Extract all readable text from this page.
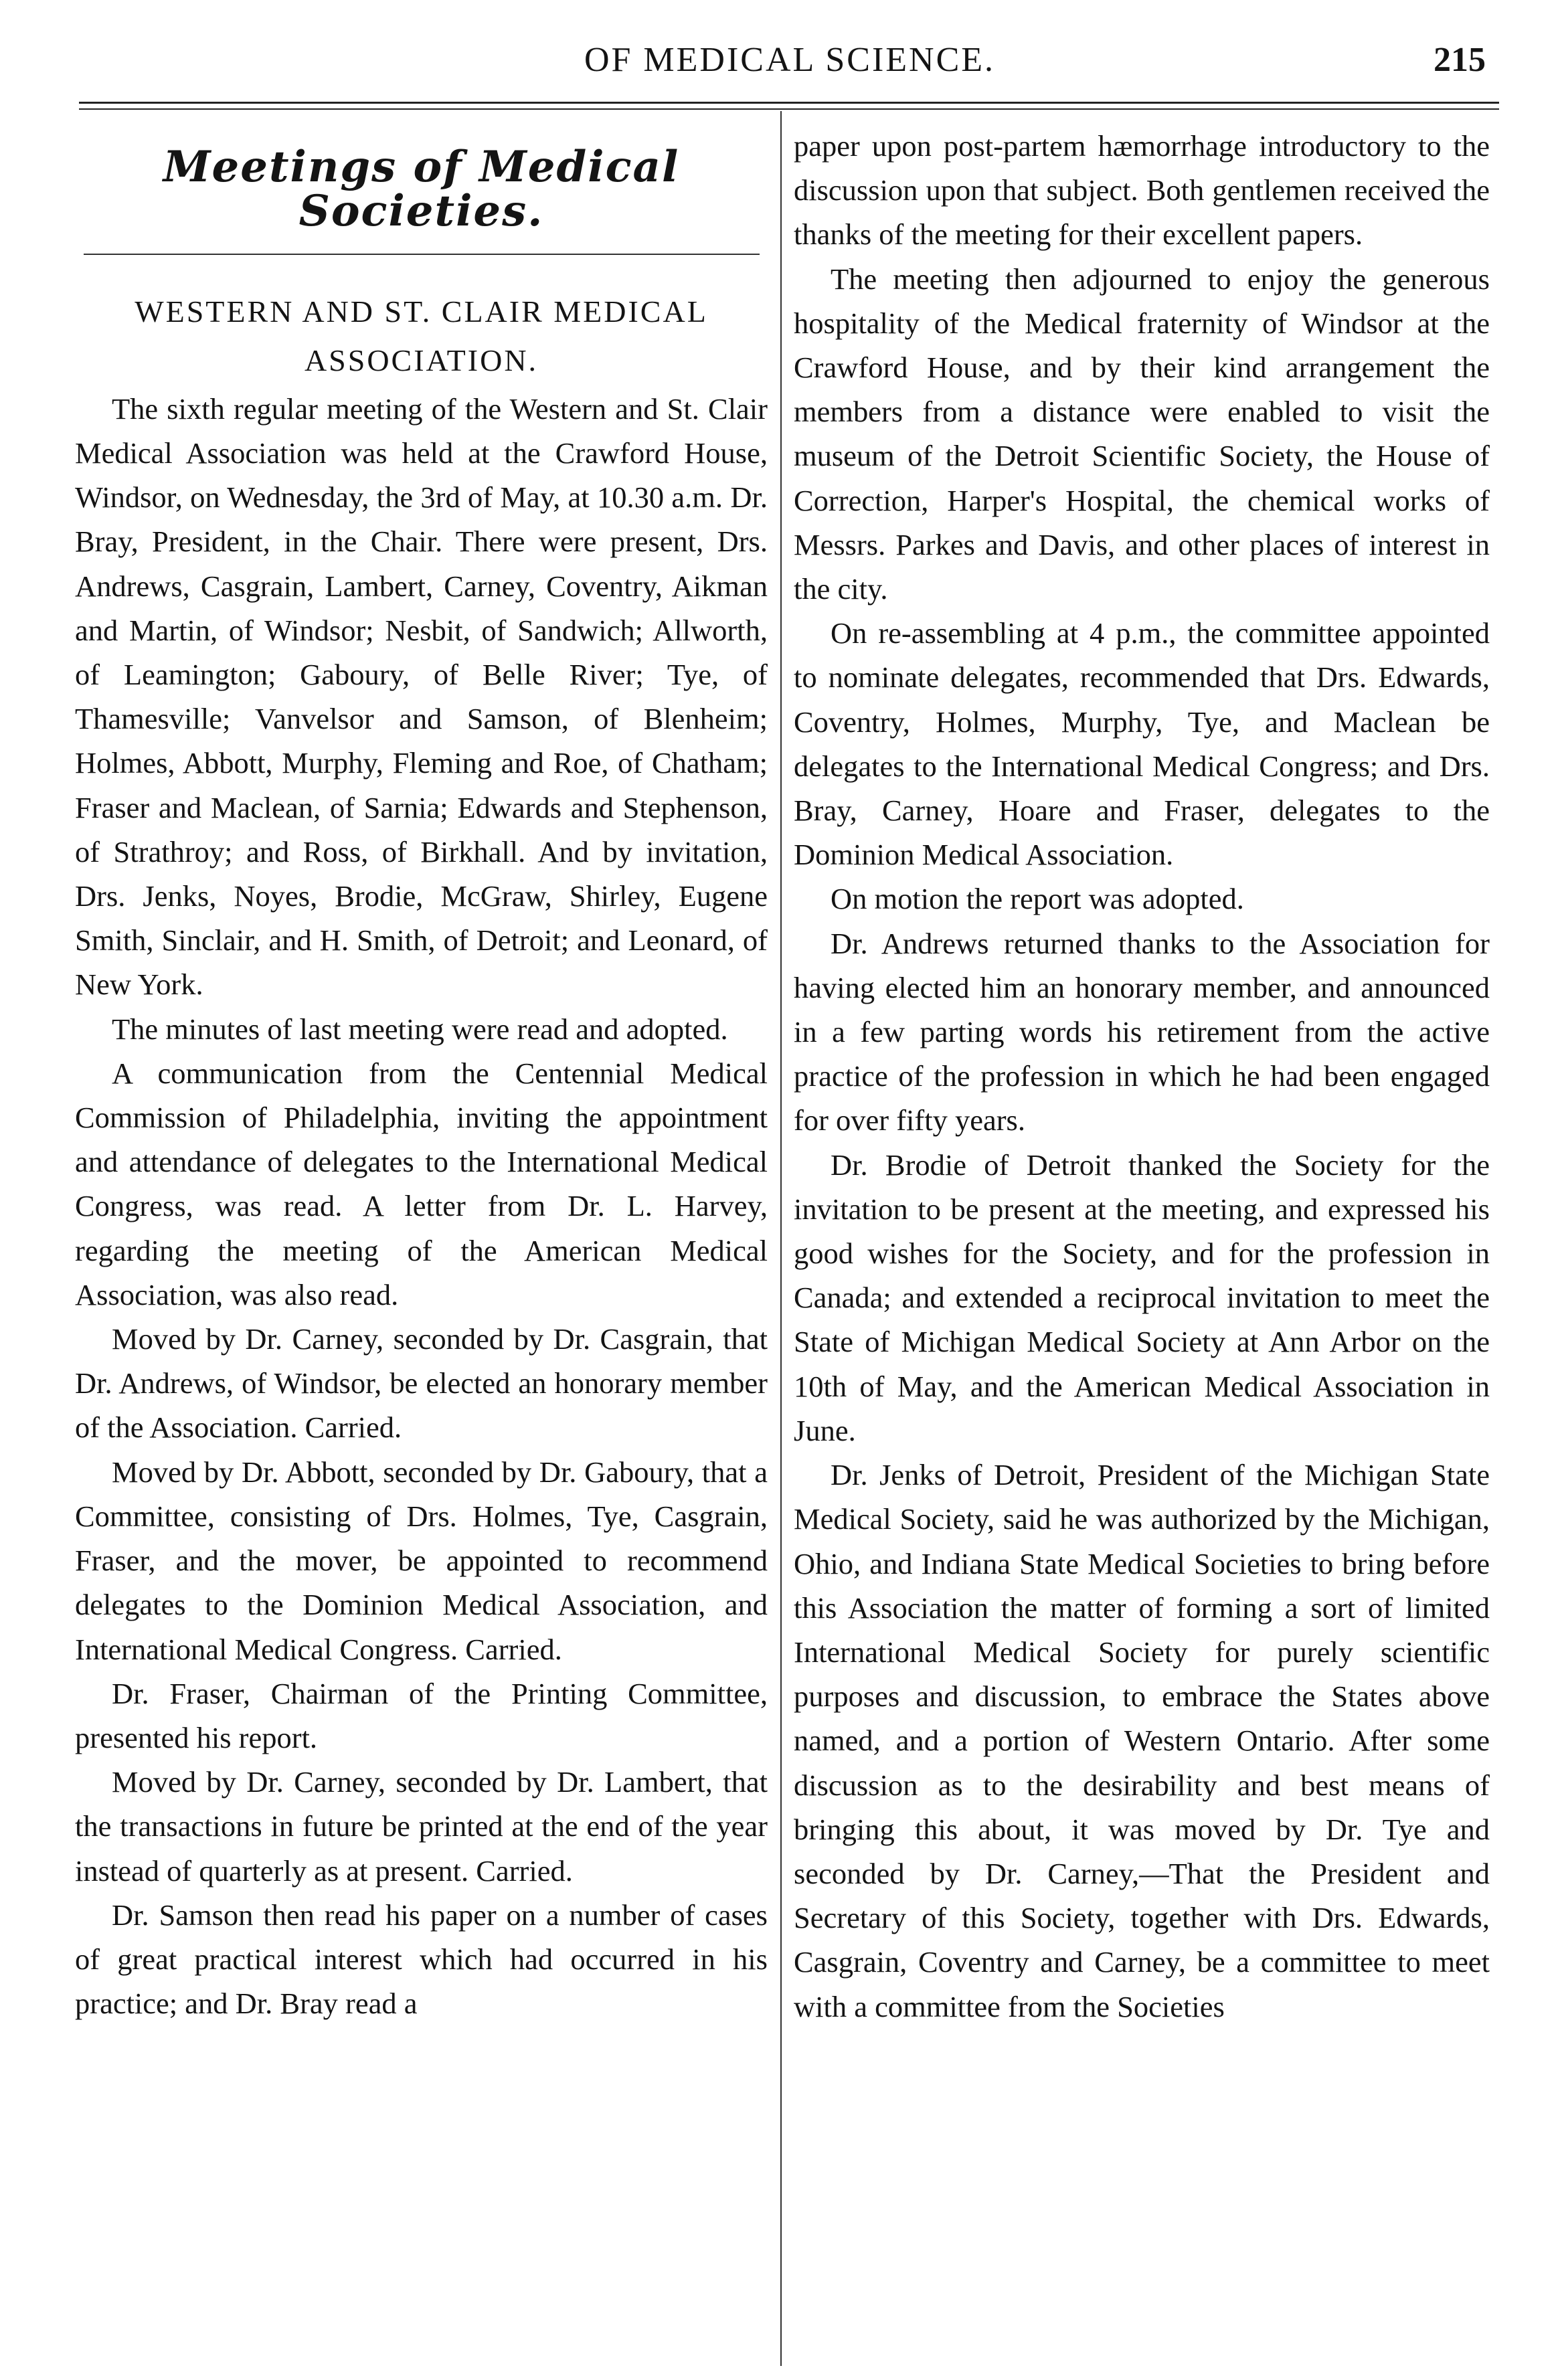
OF MEDICAL SCIENCE.	215
Meetings of Medical Societies.
WESTERN AND ST. CLAIR MEDICAL
ASSOCIATION.

The sixth regular meeting of the Western and St. Clair Medical Association was held at the Crawford House, Windsor, on Wednesday, the 3rd of May, at 10.30 a.m. Dr. Bray, President, in the Chair. There were present, Drs. Andrews, Casgrain, Lambert, Carney, Coventry, Aikman and Martin, of Windsor; Nesbit, of Sandwich; Allworth, of Leamington; Gaboury, of Belle River; Tye, of Thamesville; Vanvelsor and Samson, of Blenheim; Holmes, Abbott, Murphy, Fleming and Roe, of Chatham; Fraser and Maclean, of Sarnia; Edwards and Stephenson, of Strathroy; and Ross, of Birkhall. And by invitation, Drs. Jenks, Noyes, Brodie, McGraw, Shirley, Eugene Smith, Sinclair, and H. Smith, of Detroit; and Leonard, of New York.

The minutes of last meeting were read and adopted.

A communication from the Centennial Medical Commission of Philadelphia, inviting the appointment and attendance of delegates to the International Medical Congress, was read. A letter from Dr. L. Harvey, regarding the meeting of the American Medical Association, was also read.

Moved by Dr. Carney, seconded by Dr. Casgrain, that Dr. Andrews, of Windsor, be elected an honorary member of the Association. Carried.

Moved by Dr. Abbott, seconded by Dr. Gaboury, that a Committee, consisting of Drs. Holmes, Tye, Casgrain, Fraser, and the mover, be appointed to recommend delegates to the Dominion Medical Association, and International Medical Congress. Carried.

Dr. Fraser, Chairman of the Printing Committee, presented his report.

Moved by Dr. Carney, seconded by Dr. Lambert, that the transactions in future be printed at the end of the year instead of quarterly as at present. Carried.

Dr. Samson then read his paper on a number of cases of great practical interest which had occurred in his practice; and Dr. Bray read a

paper upon post-partem hæmorrhage introductory to the discussion upon that subject. Both gentlemen received the thanks of the meeting for their excellent papers.

The meeting then adjourned to enjoy the generous hospitality of the Medical fraternity of Windsor at the Crawford House, and by their kind arrangement the members from a distance were enabled to visit the museum of the Detroit Scientific Society, the House of Correction, Harper's Hospital, the chemical works of Messrs. Parkes and Davis, and other places of interest in the city.

On re-assembling at 4 p.m., the committee appointed to nominate delegates, recommended that Drs. Edwards, Coventry, Holmes, Murphy, Tye, and Maclean be delegates to the International Medical Congress; and Drs. Bray, Carney, Hoare and Fraser, delegates to the Dominion Medical Association.

On motion the report was adopted.

Dr. Andrews returned thanks to the Association for having elected him an honorary member, and announced in a few parting words his retirement from the active practice of the profession in which he had been engaged for over fifty years.

Dr. Brodie of Detroit thanked the Society for the invitation to be present at the meeting, and expressed his good wishes for the Society, and for the profession in Canada; and extended a reciprocal invitation to meet the State of Michigan Medical Society at Ann Arbor on the 10th of May, and the American Medical Association in June.

Dr. Jenks of Detroit, President of the Michigan State Medical Society, said he was authorized by the Michigan, Ohio, and Indiana State Medical Societies to bring before this Association the matter of forming a sort of limited International Medical Society for purely scientific purposes and discussion, to embrace the States above named, and a portion of Western Ontario. After some discussion as to the desirability and best means of bringing this about, it was moved by Dr. Tye and seconded by Dr. Carney,—That the President and Secretary of this Society, together with Drs. Edwards, Casgrain, Coventry and Carney, be a committee to meet with a committee from the Societies
